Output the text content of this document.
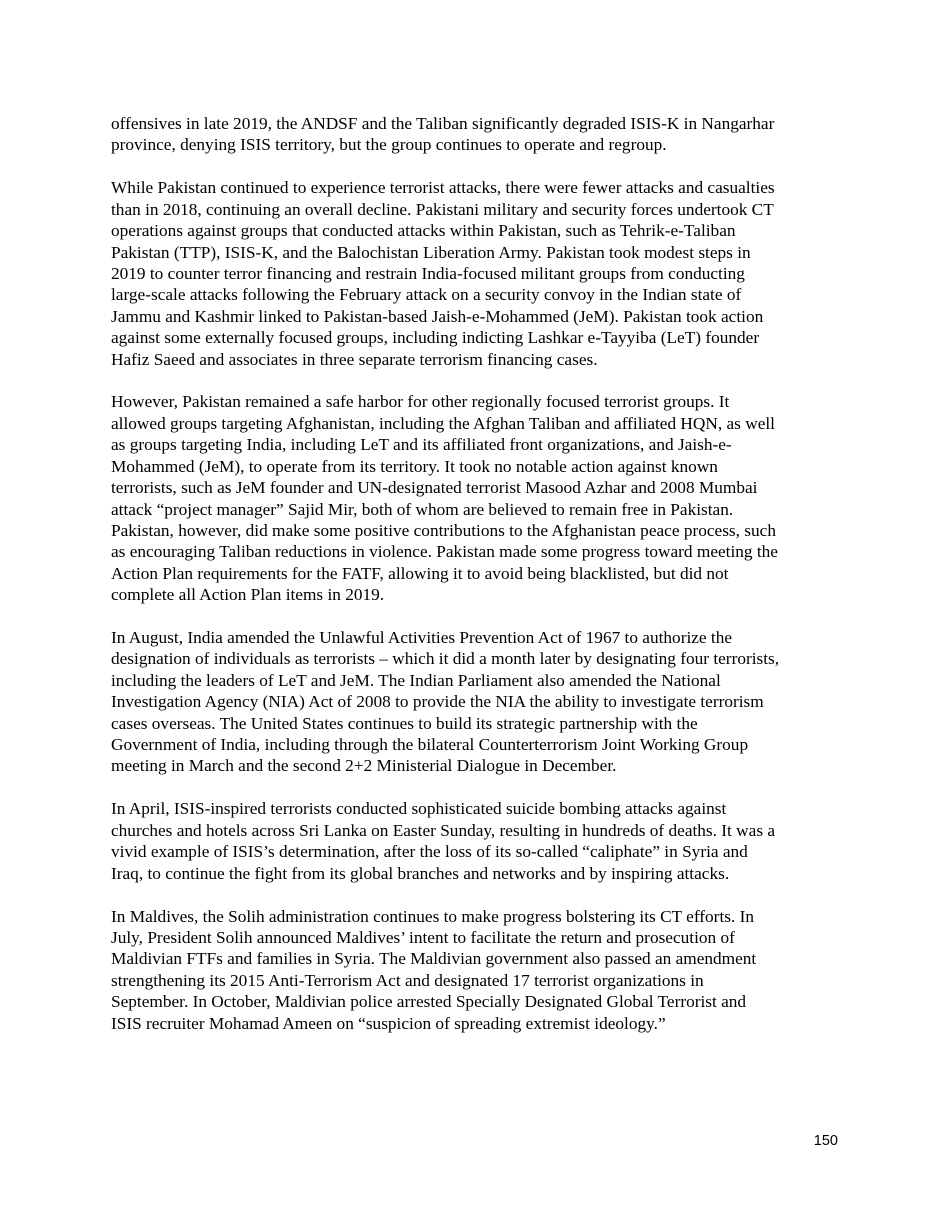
offensives in late 2019, the ANDSF and the Taliban significantly degraded ISIS-K in Nangarhar
province, denying ISIS territory, but the group continues to operate and regroup.

While Pakistan continued to experience terrorist attacks, there were fewer attacks and casualties
than in 2018, continuing an overall decline. Pakistani military and security forces undertook CT
operations against groups that conducted attacks within Pakistan, such as Tehrik-e-Taliban
Pakistan (TTP), ISIS-K, and the Balochistan Liberation Army. Pakistan took modest steps in
2019 to counter terror financing and restrain India-focused militant groups from conducting
large-scale attacks following the February attack on a security convoy in the Indian state of
Jammu and Kashmir linked to Pakistan-based Jaish-e-Mohammed (JeM). Pakistan took action
against some externally focused groups, including indicting Lashkar e-Tayyiba (LeT) founder
Hafiz Saeed and associates in three separate terrorism financing cases.

However, Pakistan remained a safe harbor for other regionally focused terrorist groups. It
allowed groups targeting Afghanistan, including the Afghan Taliban and affiliated HQN, as well
as groups targeting India, including LeT and its affiliated front organizations, and Jaish-e-
Mohammed (JeM), to operate from its territory. It took no notable action against known
terrorists, such as JeM founder and UN-designated terrorist Masood Azhar and 2008 Mumbai
attack “project manager” Sajid Mir, both of whom are believed to remain free in Pakistan.
Pakistan, however, did make some positive contributions to the Afghanistan peace process, such
as encouraging Taliban reductions in violence. Pakistan made some progress toward meeting the
Action Plan requirements for the FATF, allowing it to avoid being blacklisted, but did not
complete all Action Plan items in 2019.

In August, India amended the Unlawful Activities Prevention Act of 1967 to authorize the
designation of individuals as terrorists – which it did a month later by designating four terrorists,
including the leaders of LeT and JeM. The Indian Parliament also amended the National
Investigation Agency (NIA) Act of 2008 to provide the NIA the ability to investigate terrorism
cases overseas. The United States continues to build its strategic partnership with the
Government of India, including through the bilateral Counterterrorism Joint Working Group
meeting in March and the second 2+2 Ministerial Dialogue in December.

In April, ISIS-inspired terrorists conducted sophisticated suicide bombing attacks against
churches and hotels across Sri Lanka on Easter Sunday, resulting in hundreds of deaths. It was a
vivid example of ISIS’s determination, after the loss of its so-called “caliphate” in Syria and
Iraq, to continue the fight from its global branches and networks and by inspiring attacks.

In Maldives, the Solih administration continues to make progress bolstering its CT efforts. In
July, President Solih announced Maldives’ intent to facilitate the return and prosecution of
Maldivian FTFs and families in Syria. The Maldivian government also passed an amendment
strengthening its 2015 Anti-Terrorism Act and designated 17 terrorist organizations in
September. In October, Maldivian police arrested Specially Designated Global Terrorist and
ISIS recruiter Mohamad Ameen on “suspicion of spreading extremist ideology.”

150
